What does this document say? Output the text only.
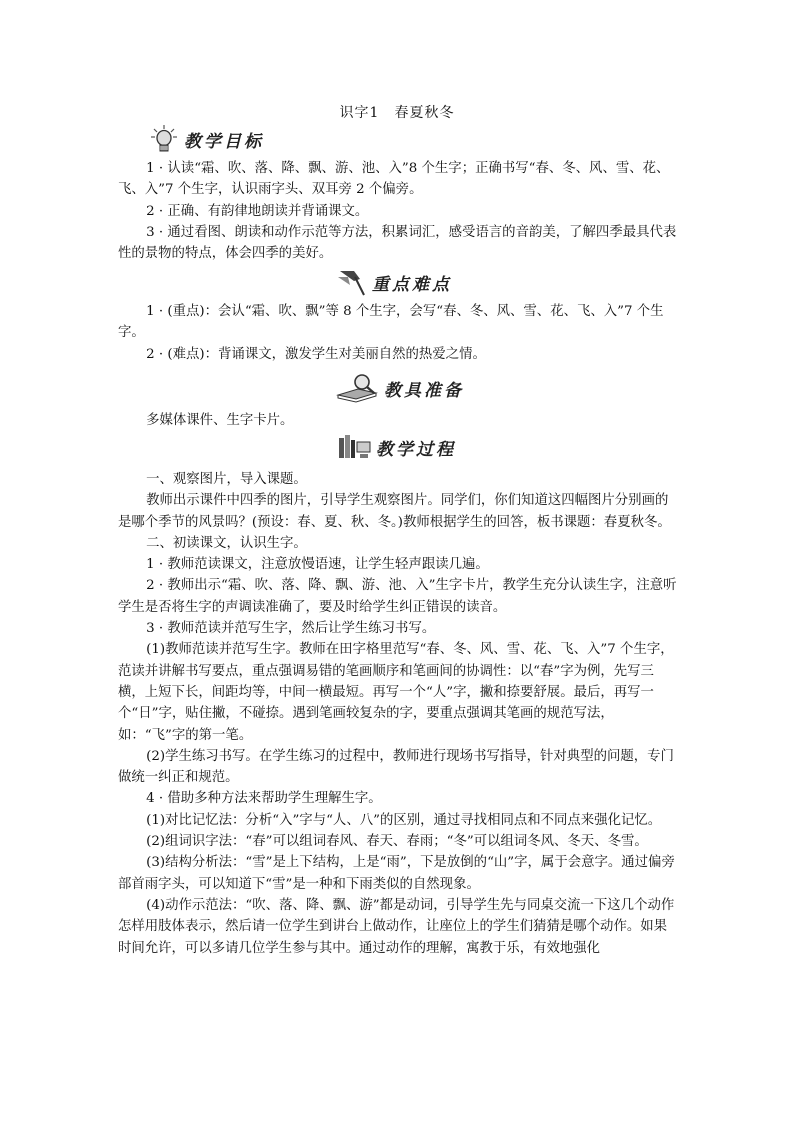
识字1　春夏秋冬
教学目标

1 · 认读“霜、吹、落、降、飘、游、池、入”8 个生字；正确书写“春、冬、风、雪、花、飞、入”7 个生字，认识雨字头、双耳旁 2 个偏旁。

2 · 正确、有韵律地朗读并背诵课文。

3 · 通过看图、朗读和动作示范等方法，积累词汇，感受语言的音韵美，了解四季最具代表性的景物的特点，体会四季的美好。

重点难点

1 · (重点)：会认“霜、吹、飘”等 8 个生字，会写“春、冬、风、雪、花、飞、入”7 个生字。

2 · (难点)：背诵课文，激发学生对美丽自然的热爱之情。

教具准备

多媒体课件、生字卡片。

教学过程

一、观察图片，导入课题。

教师出示课件中四季的图片，引导学生观察图片。同学们，你们知道这四幅图片分别画的是哪个季节的风景吗？(预设：春、夏、秋、冬。)教师根据学生的回答，板书课题：春夏秋冬。

二、初读课文，认识生字。

1 · 教师范读课文，注意放慢语速，让学生轻声跟读几遍。

2 · 教师出示“霜、吹、落、降、飘、游、池、入”生字卡片，教学生充分认读生字，注意听学生是否将生字的声调读准确了，要及时给学生纠正错误的读音。

3 · 教师范读并范写生字，然后让学生练习书写。

(1)教师范读并范写生字。教师在田字格里范写“春、冬、风、雪、花、飞、入”7 个生字，范读并讲解书写要点，重点强调易错的笔画顺序和笔画间的协调性：以“春”字为例，先写三横，上短下长，间距均等，中间一横最短。再写一个“人”字，撇和捺要舒展。最后，再写一个“日”字，贴住撇，不碰捺。遇到笔画较复杂的字，要重点强调其笔画的规范写法，如：“飞”字的第一笔。

(2)学生练习书写。在学生练习的过程中，教师进行现场书写指导，针对典型的问题，专门做统一纠正和规范。

4 · 借助多种方法来帮助学生理解生字。

(1)对比记忆法：分析“入”字与“人、八”的区别，通过寻找相同点和不同点来强化记忆。

(2)组词识字法：“春”可以组词春风、春天、春雨；“冬”可以组词冬风、冬天、冬雪。

(3)结构分析法：“雪”是上下结构，上是“雨”，下是放倒的“山”字，属于会意字。通过偏旁部首雨字头，可以知道下“雪”是一种和下雨类似的自然现象。

(4)动作示范法：“吹、落、降、飘、游”都是动词，引导学生先与同桌交流一下这几个动作怎样用肢体表示，然后请一位学生到讲台上做动作，让座位上的学生们猜猜是哪个动作。如果时间允许，可以多请几位学生参与其中。通过动作的理解，寓教于乐，有效地强化
